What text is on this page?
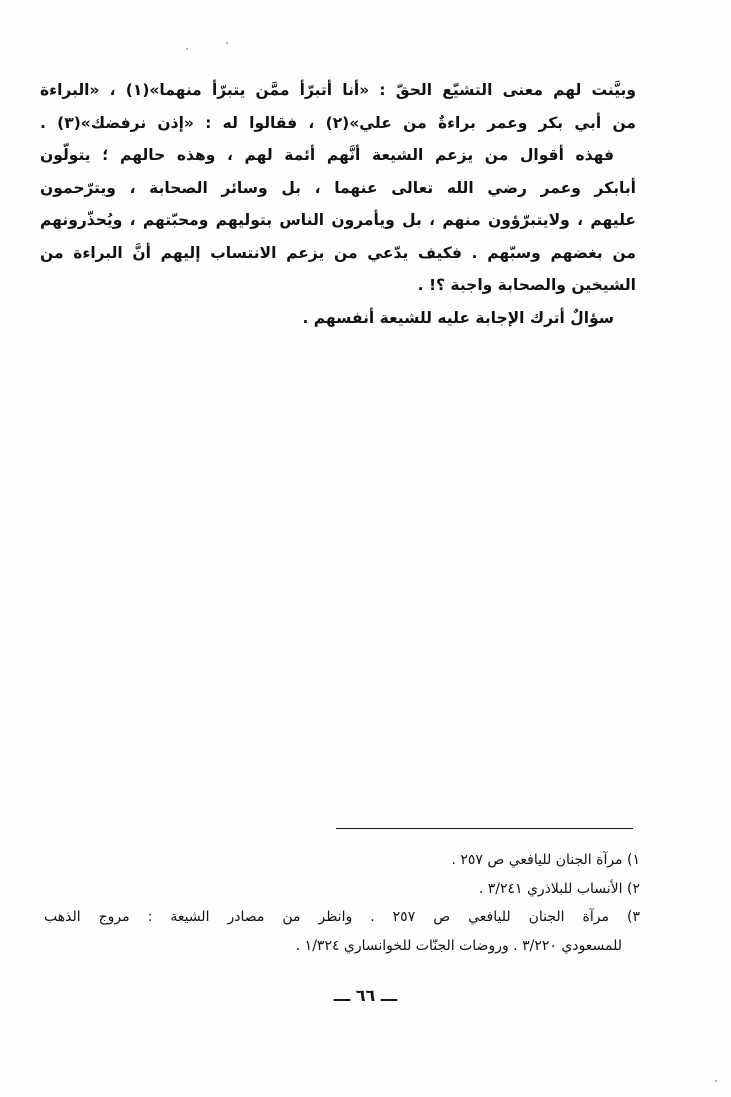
وبيَّنت لهم معنى التشيّع الحقّ : «أنا أتبرّأ ممَّن يتبرّأ منهما»(١) ، «البراءة
من أبي بكر وعمر براءةٌ من علي»(٢) ، فقالوا له : «إذن نرفضك»(٣) .
فهذه أقوال من يزعم الشيعة أنَّهم أئمة لهم ، وهذه حالهم ؛ يتولّون
أبابكر وعمر رضي الله تعالى عنهما ، بل وسائر الصحابة ، ويترّحمون
عليهم ، ولايتبرّؤون منهم ، بل ويأمرون الناس بتوليهم ومحبّتهم ، ويُحذّرونهم
من بغضهم وسبّهم . فكيف يدّعي من يزعم الانتساب إليهم أنَّ البراءة من
الشيخين والصحابة واجبة ؟! .
سؤالٌ أترك الإجابة عليه للشيعة أنفسهم .
١) مرآة الجنان لليافعي ص ٢٥٧ .
٢) الأنساب للبلاذري ٣/٢٤١ .
٣) مرآة الجنان لليافعي ص ٢٥٧ . وانظر من مصادر الشيعة : مروج الذهب
للمسعودي ٣/٢٢٠ . وروضات الجنّات للخوانساري ١/٣٢٤ .
ـــ ٦٦ ـــ
